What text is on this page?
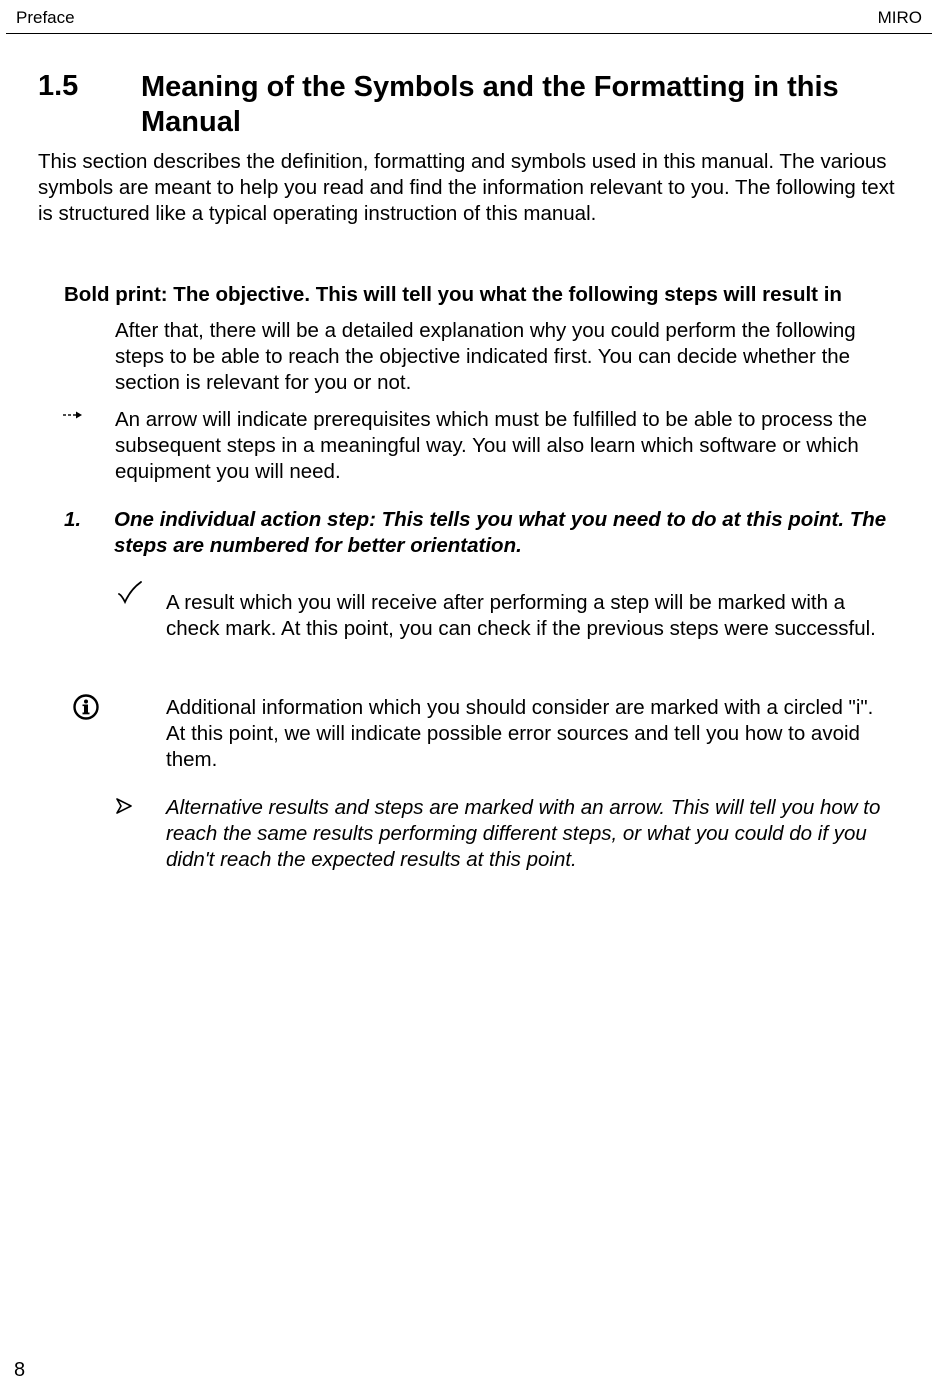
Preface	MIRO
1.5 Meaning of the Symbols and the Formatting in this Manual

This section describes the definition, formatting and symbols used in this manual. The various symbols are meant to help you read and find the information relevant to you. The following text is structured like a typical operating instruction of this manual.

Bold print: The objective. This will tell you what the following steps will result in

After that, there will be a detailed explanation why you could perform the following steps to be able to reach the objective indicated first. You can decide whether the section is relevant for you or not.

An arrow will indicate prerequisites which must be fulfilled to be able to process the subsequent steps in a meaningful way. You will also learn which software or which equipment you will need.

1. One individual action step: This tells you what you need to do at this point. The steps are numbered for better orientation.

A result which you will receive after performing a step will be marked with a check mark. At this point, you can check if the previous steps were successful.

Additional information which you should consider are marked with a circled "i". At this point, we will indicate possible error sources and tell you how to avoid them.

Alternative results and steps are marked with an arrow. This will tell you how to reach the same results performing different steps, or what you could do if you didn't reach the expected results at this point.

8
